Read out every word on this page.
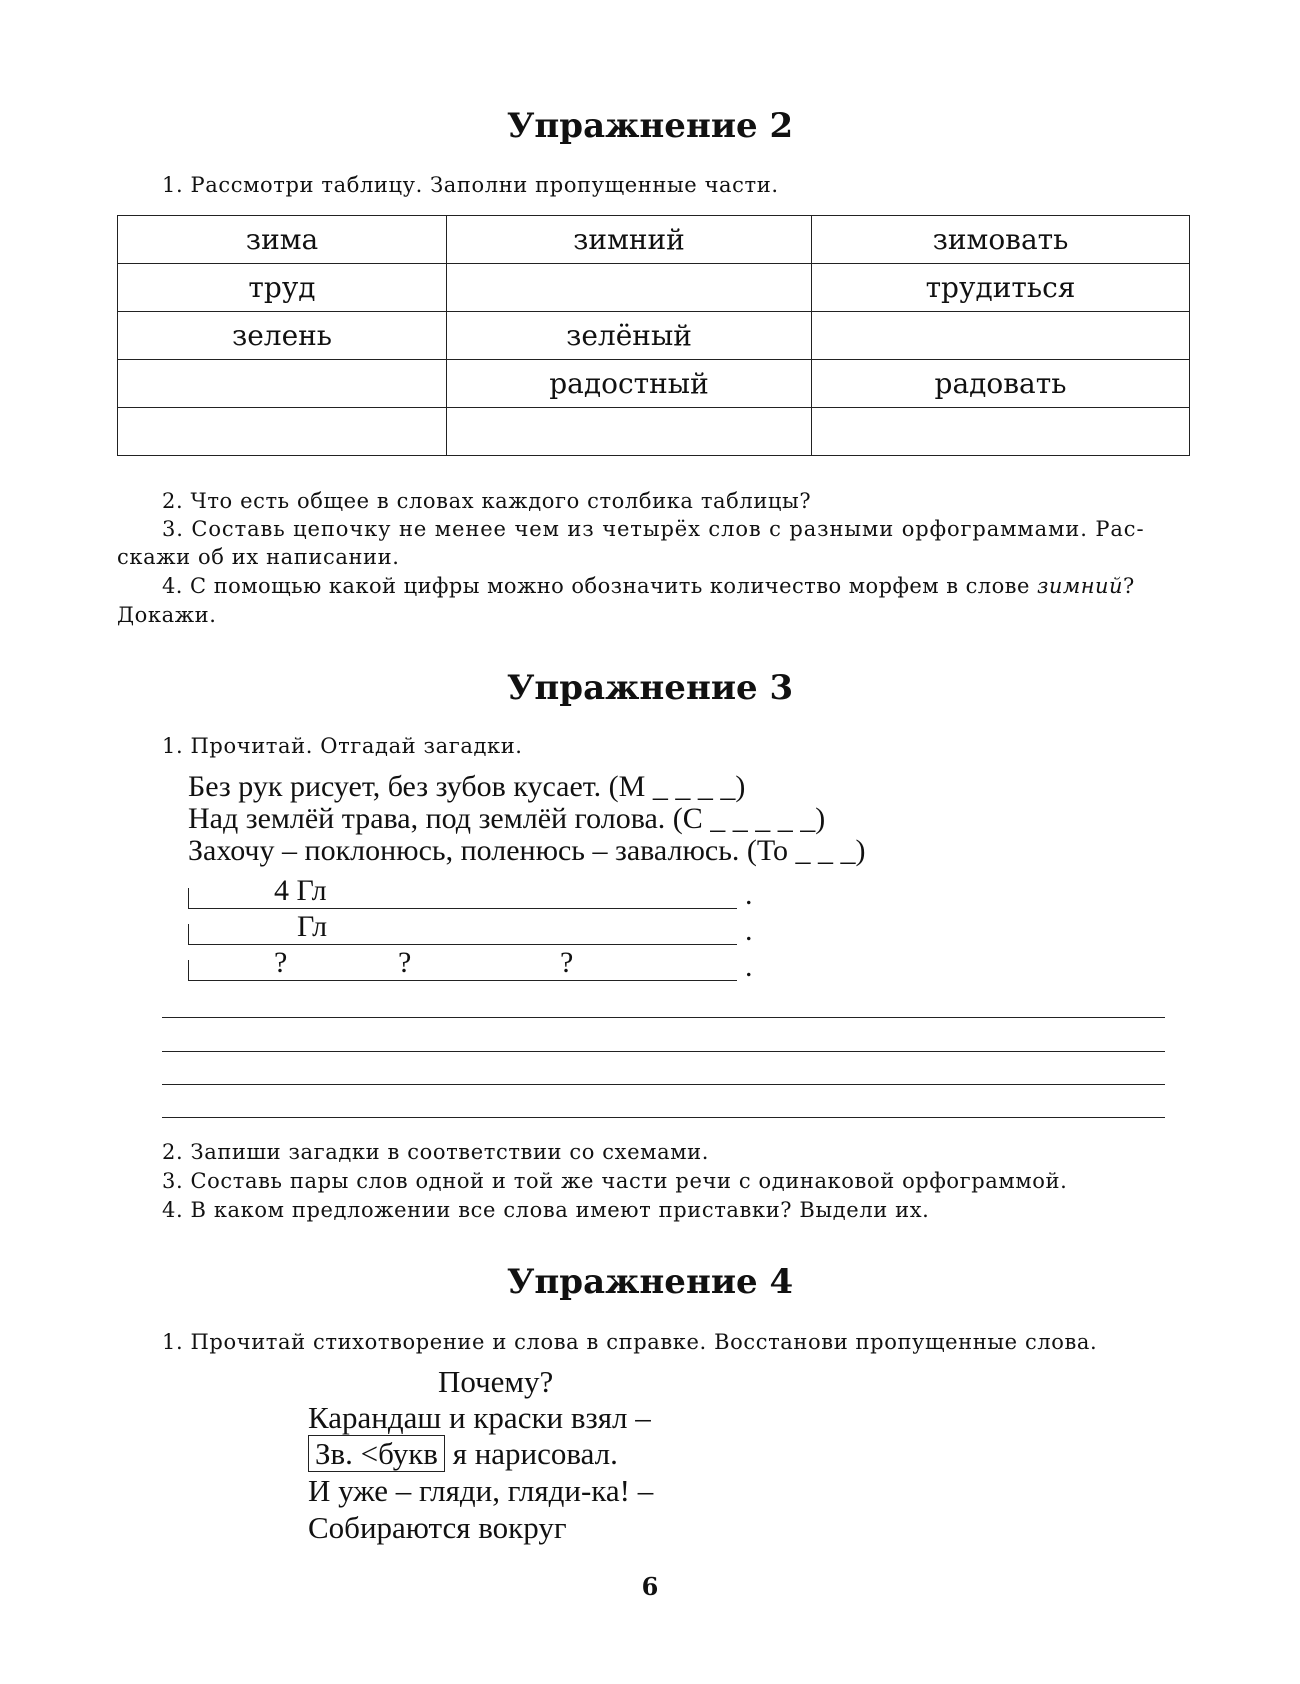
Упражнение 2
1. Рассмотри таблицу. Заполни пропущенные части.
зима	зимний	зимовать
труд		трудиться
зелень	зелёный	
	радостный	радовать

2. Что есть общее в словах каждого столбика таблицы?
3. Составь цепочку не менее чем из четырёх слов с разными орфограммами. Рас-
скажи об их написании.
4. С помощью какой цифры можно обозначить количество морфем в слове зимний?
Докажи.
Упражнение 3
1. Прочитай. Отгадай загадки.
Без рук рисует, без зубов кусает. (М _ _ _ _)
Над землёй трава, под землёй голова. (С _ _ _ _ _)
Захочу – поклонюсь, поленюсь – завалюсь. (То _ _ _)
4 Гл	.
Гл	.
?	?	?	.
2. Запиши загадки в соответствии со схемами.
3. Составь пары слов одной и той же части речи с одинаковой орфограммой.
4. В каком предложении все слова имеют приставки? Выдели их.
Упражнение 4
1. Прочитай стихотворение и слова в справке. Восстанови пропущенные слова.
Почему?
Карандаш и краски взял –
Зв. <букв я нарисовал.
И уже – гляди, гляди-ка! –
Собираются вокруг
6
